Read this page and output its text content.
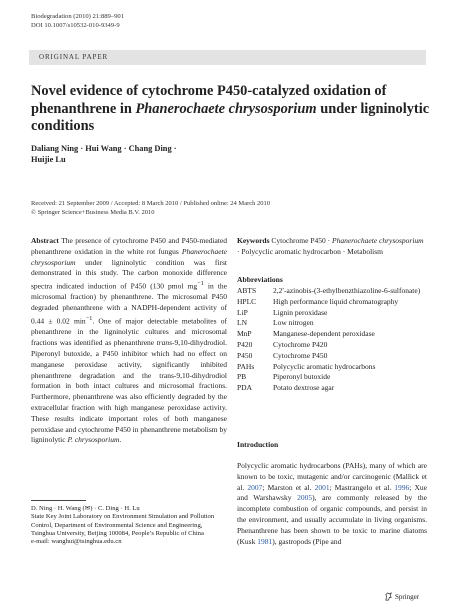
Biodegradation (2010) 21:889–901
DOI 10.1007/s10532-010-9349-9
ORIGINAL PAPER
Novel evidence of cytochrome P450-catalyzed oxidation of phenanthrene in Phanerochaete chrysosporium under ligninolytic conditions
Daliang Ning · Hui Wang · Chang Ding ·
Huijie Lu
Received: 21 September 2009 / Accepted: 8 March 2010 / Published online: 24 March 2010
© Springer Science+Business Media B.V. 2010
Abstract The presence of cytochrome P450 and P450-mediated phenanthrene oxidation in the white rot fungus Phanerochaete chrysosporium under ligninolytic condition was first demonstrated in this study. The carbon monoxide difference spectra indicated induction of P450 (130 pmol $mg^{-1}$ in the microsomal fraction) by phenanthrene. The microsomal P450 degraded phenanthrene with a NADPH-dependent activity of 0.44 ± 0.02 $\min^{-1}$. One of major detectable metabolites of phenanthrene in the ligninolytic cultures and microsomal fractions was identified as phenanthrene trans-9,10-dihydrodiol. Piperonyl butoxide, a P450 inhibitor which had no effect on manganese peroxidase activity, significantly inhibited phenanthrene degradation and the trans-9,10-dihydrodiol formation in both intact cultures and microsomal fractions. Furthermore, phenanthrene was also efficiently degraded by the extracellular fraction with high manganese peroxidase activity. These results indicate important roles of both manganese peroxidase and cytochrome P450 in phenanthrene metabolism by ligninolytic P. chrysosporium.
Keywords Cytochrome P450 · Phanerochaete chrysosporium · Polycyclic aromatic hydrocarbon · Metabolism
Abbreviations
ABTS	2,2′-azinobis-(3-ethylbenzthiazoline-6-sulfonate)
HPLC	High performance liquid chromatography
LiP	Lignin peroxidase
LN	Low nitrogen
MnP	Manganese-dependent peroxidase
P420	Cytochrome P420
P450	Cytochrome P450
PAHs	Polycyclic aromatic hydrocarbons
PB	Piperonyl butoxide
PDA	Potato dextrose agar
Introduction
Polycyclic aromatic hydrocarbons (PAHs), many of which are known to be toxic, mutagenic and/or carcinogenic (Mallick et al. 2007; Marston et al. 2001; Mastrangelo et al. 1996; Xue and Warshawsky 2005), are commonly released by the incomplete combustion of organic compounds, and persist in the environment, and usually accumulate in living organisms. Phenanthrene has been shown to be toxic to marine diatoms (Kusk 1981), gastropods (Pipe and
D. Ning · H. Wang (✉) · C. Ding · H. Lu
State Key Joint Laboratory on Environment Simulation and Pollution Control, Department of Environmental Science and Engineering, Tsinghua University, Beijing 100084, People’s Republic of China
e-mail: wanghui@tsinghua.edu.cn
Springer
